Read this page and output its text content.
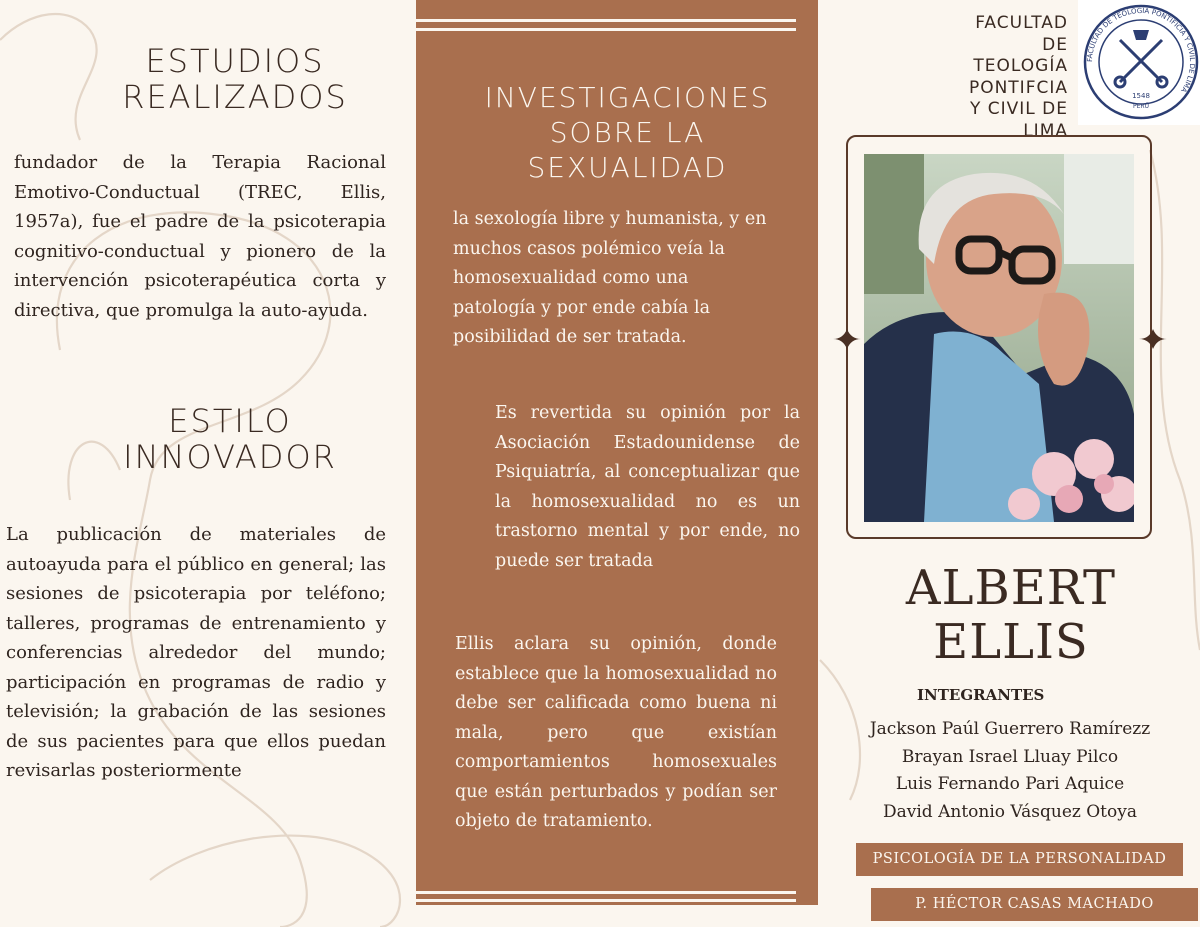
ESTUDIOS
REALIZADOS
fundador de la Terapia Racional Emotivo-Conductual (TREC, Ellis, 1957a), fue el padre de la psicoterapia cognitivo-conductual y pionero de la intervención psicoterapéutica corta y directiva, que promulga la auto-ayuda.
ESTILO
INNOVADOR
La publicación de materiales de autoayuda para el público en general; las sesiones de psicoterapia por teléfono; talleres, programas de entrenamiento y conferencias alrededor del mundo; participación en programas de radio y televisión; la grabación de las sesiones de sus pacientes para que ellos puedan revisarlas posteriormente
INVESTIGACIONES
SOBRE LA
SEXUALIDAD
la sexología libre y humanista, y en muchos casos polémico veía la homosexualidad como una patología y por ende cabía la posibilidad de ser tratada.
Es revertida su opinión por la Asociación Estadounidense de Psiquiatría, al conceptualizar que la homosexualidad no es un trastorno mental y por ende, no puede ser tratada
Ellis aclara su opinión, donde establece que la homosexualidad no debe ser calificada como buena ni mala, pero que existían comportamientos homosexuales que están perturbados y podían ser objeto de tratamiento.
FACULTAD
DE
TEOLOGÍA
PONTIFCIA
Y CIVIL DE
LIMA
FACULTAD DE TEOLOGÍA PONTIFICIA Y CIVIL DE LIMA
1548
PERÚ
ALBERT
ELLIS
INTEGRANTES
Jackson Paúl Guerrero Ramírezz
Brayan Israel Lluay Pilco
Luis Fernando Pari Aquice
David Antonio Vásquez Otoya
PSICOLOGÍA DE LA PERSONALIDAD
P. HÉCTOR CASAS MACHADO
